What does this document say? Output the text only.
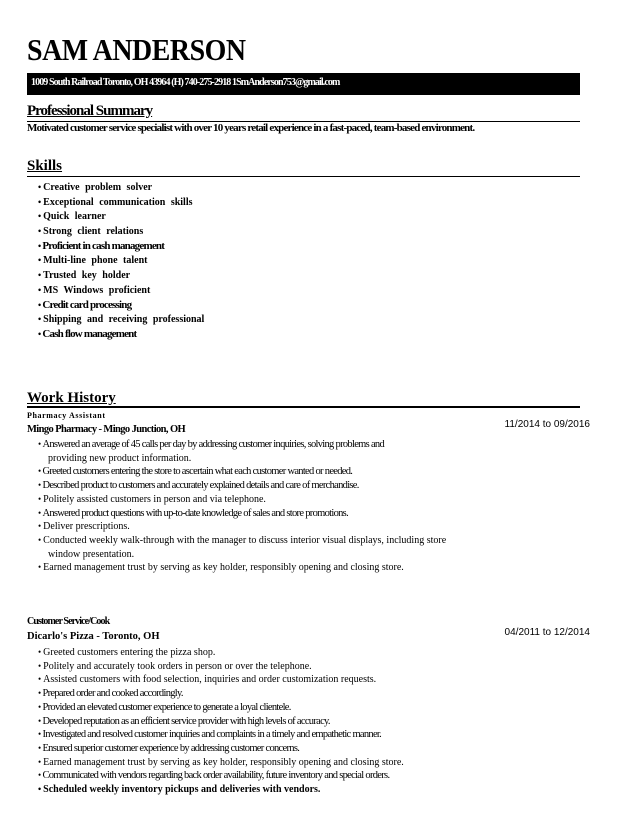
SAM ANDERSON
1009 South Railroad Toronto, OH 43964 (H) 740-275-2918 1SmAnderson753@gmail.com
Professional Summary
Motivated customer service specialist with over 10 years retail experience in a fast-paced, team-based environment.
Skills
• Creative problem solver
• Exceptional communication skills
• Quick learner
• Strong client relations
• Proficient in cash management
• Multi-line phone talent
• Trusted key holder
• MS Windows proficient
• Credit card processing
• Shipping and receiving professional
• Cash flow management
Work History
Pharmacy Assistant
Mingo Pharmacy - Mingo Junction, OH	11/2014 to 09/2016
• Answered an average of 45 calls per day by addressing customer inquiries, solving problems and
providing new product information.
• Greeted customers entering the store to ascertain what each customer wanted or needed.
• Described product to customers and accurately explained details and care of merchandise.
• Politely assisted customers in person and via telephone.
• Answered product questions with up-to-date knowledge of sales and store promotions.
• Deliver prescriptions.
• Conducted weekly walk-through with the manager to discuss interior visual displays, including store
window presentation.
• Earned management trust by serving as key holder, responsibly opening and closing store.
Customer Service/Cook
Dicarlo's Pizza - Toronto, OH	04/2011 to 12/2014
• Greeted customers entering the pizza shop.
• Politely and accurately took orders in person or over the telephone.
• Assisted customers with food selection, inquiries and order customization requests.
• Prepared order and cooked accordingly.
• Provided an elevated customer experience to generate a loyal clientele.
• Developed reputation as an efficient service provider with high levels of accuracy.
• Investigated and resolved customer inquiries and complaints in a timely and empathetic manner.
• Ensured superior customer experience by addressing customer concerns.
• Earned management trust by serving as key holder, responsibly opening and closing store.
• Communicated with vendors regarding back order availability, future inventory and special orders.
• Scheduled weekly inventory pickups and deliveries with vendors.
